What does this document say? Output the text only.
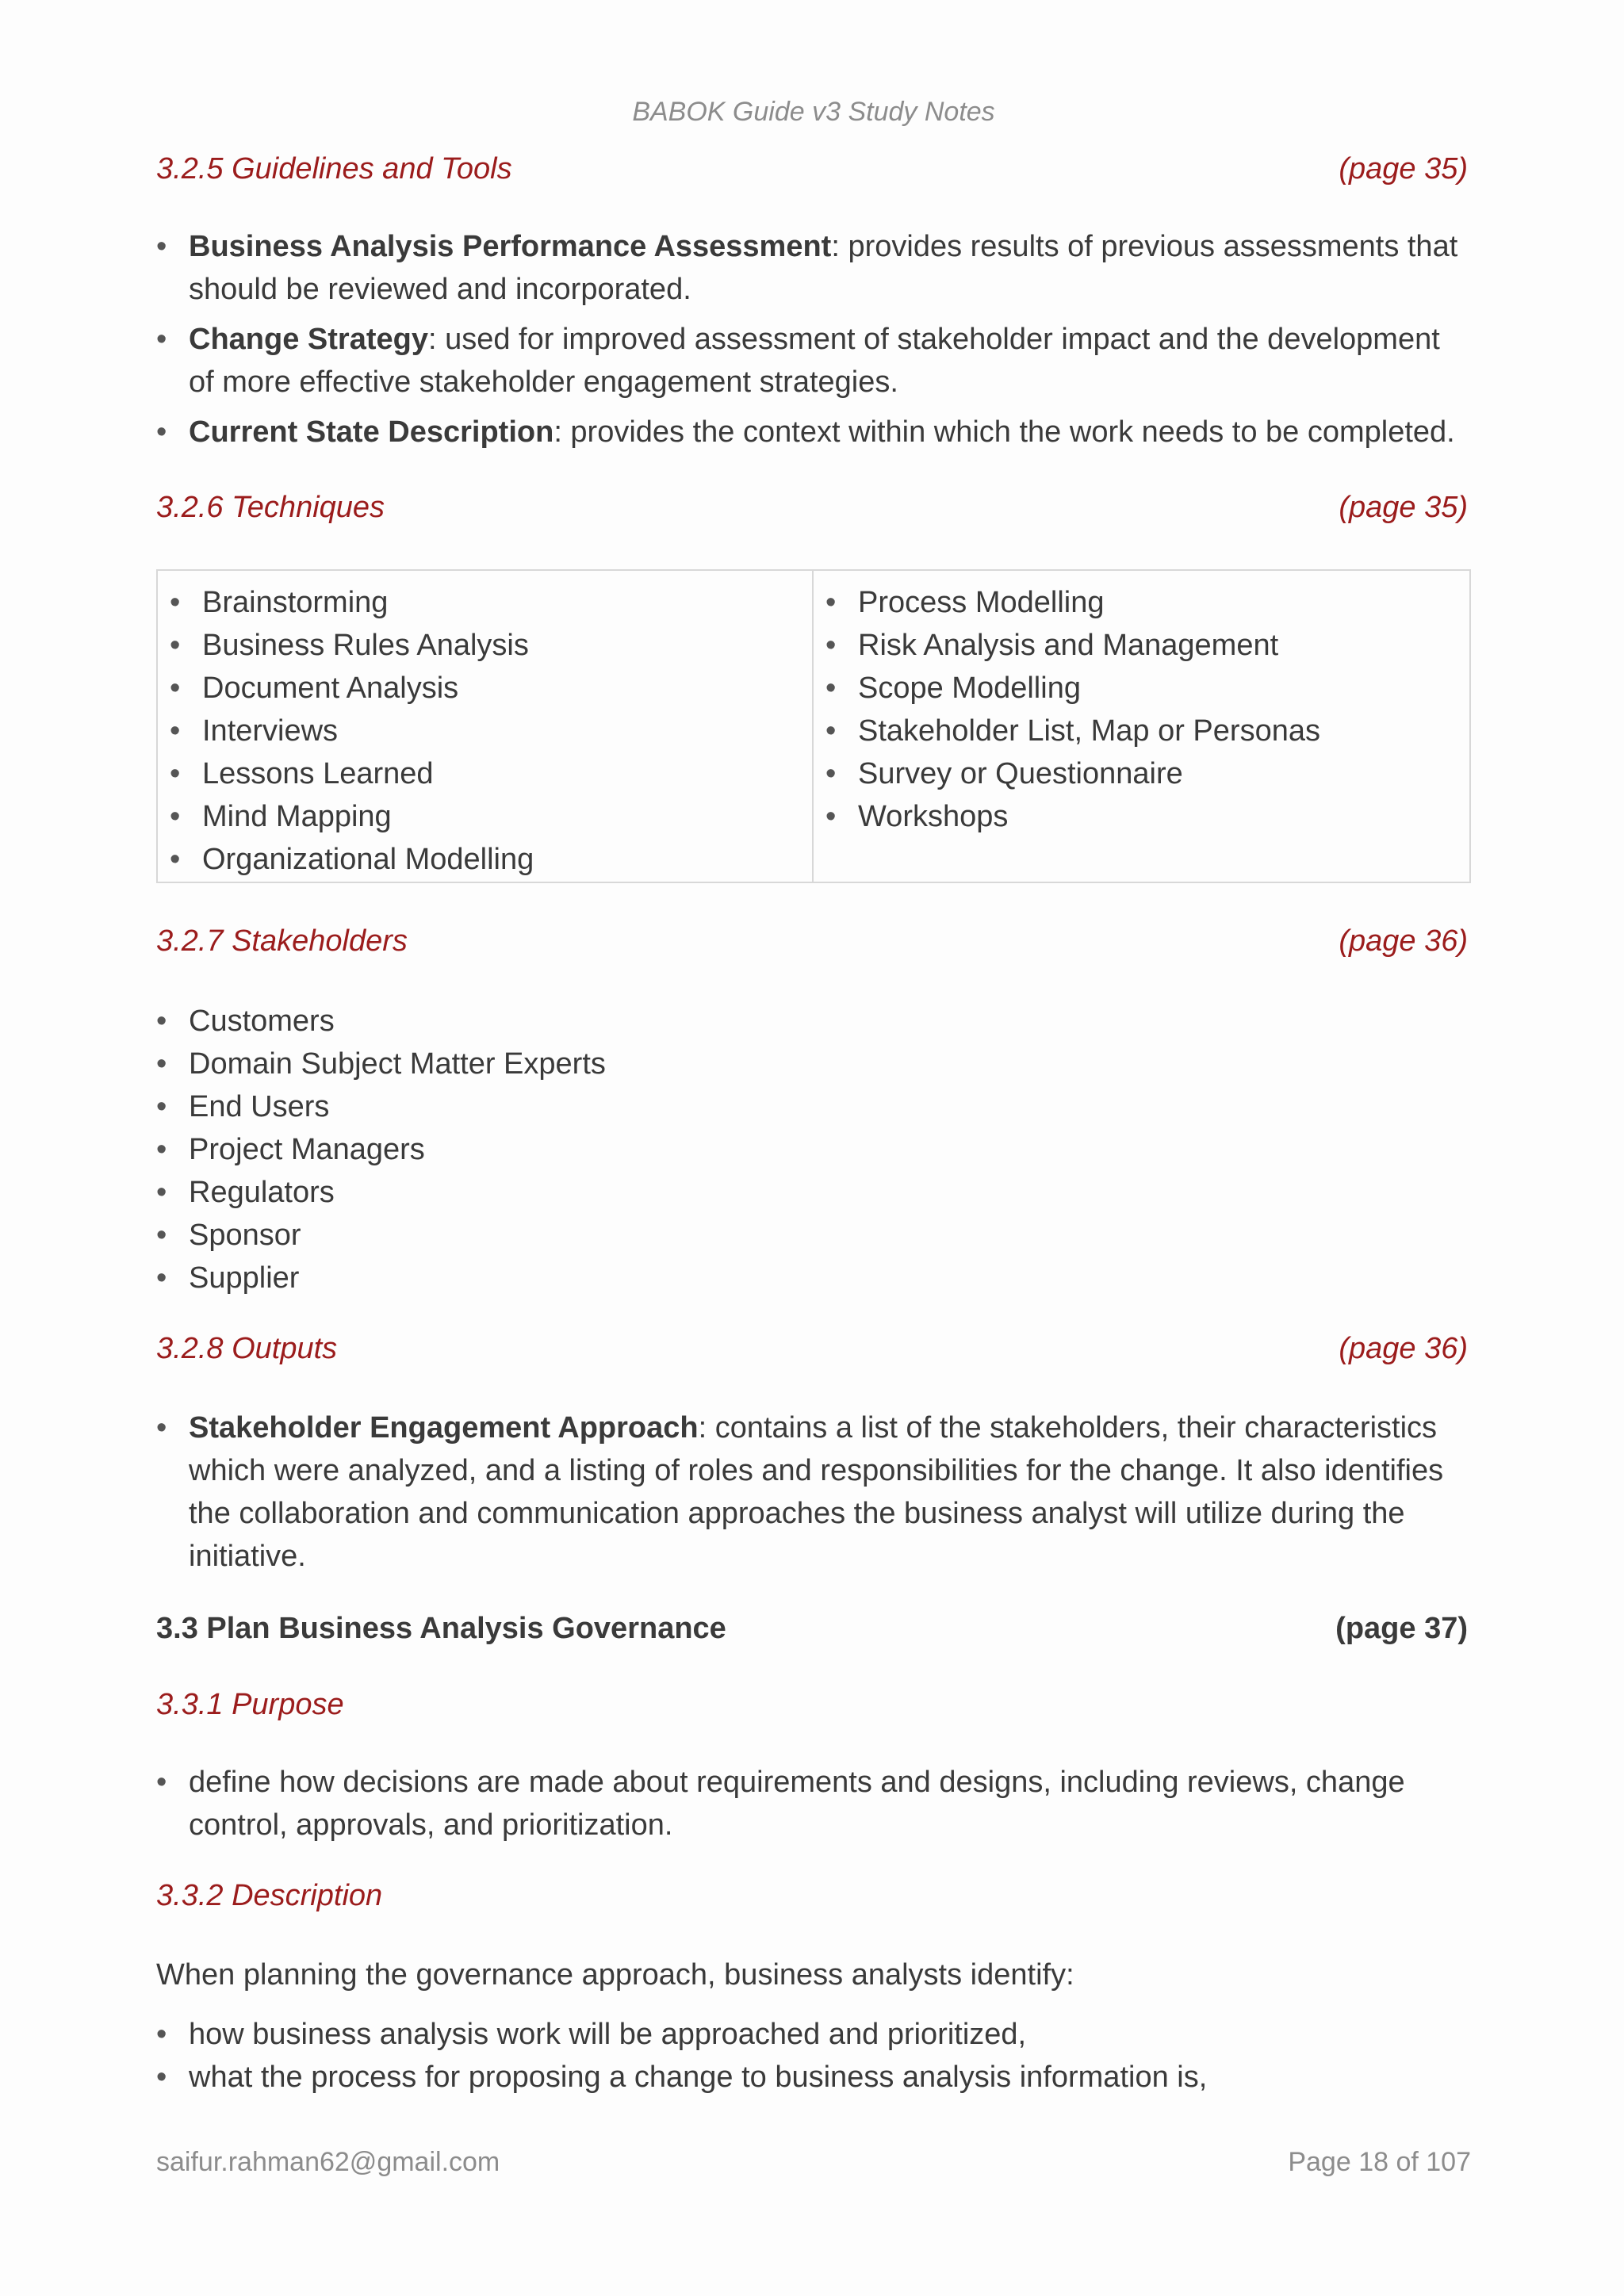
BABOK Guide v3 Study Notes
3.2.5 Guidelines and Tools	(page 35)
• Business Analysis Performance Assessment: provides results of previous assessments that should be reviewed and incorporated.
• Change Strategy: used for improved assessment of stakeholder impact and the development of more effective stakeholder engagement strategies.
• Current State Description: provides the context within which the work needs to be completed.
3.2.6 Techniques	(page 35)
• Brainstorming
• Business Rules Analysis
• Document Analysis
• Interviews
• Lessons Learned
• Mind Mapping
• Organizational Modelling
• Process Modelling
• Risk Analysis and Management
• Scope Modelling
• Stakeholder List, Map or Personas
• Survey or Questionnaire
• Workshops
3.2.7 Stakeholders	(page 36)
• Customers
• Domain Subject Matter Experts
• End Users
• Project Managers
• Regulators
• Sponsor
• Supplier
3.2.8 Outputs	(page 36)
• Stakeholder Engagement Approach: contains a list of the stakeholders, their characteristics which were analyzed, and a listing of roles and responsibilities for the change. It also identifies the collaboration and communication approaches the business analyst will utilize during the initiative.
3.3 Plan Business Analysis Governance	(page 37)
3.3.1 Purpose
• define how decisions are made about requirements and designs, including reviews, change control, approvals, and prioritization.
3.3.2 Description
When planning the governance approach, business analysts identify:
• how business analysis work will be approached and prioritized,
• what the process for proposing a change to business analysis information is,
saifur.rahman62@gmail.com	Page 18 of 107
